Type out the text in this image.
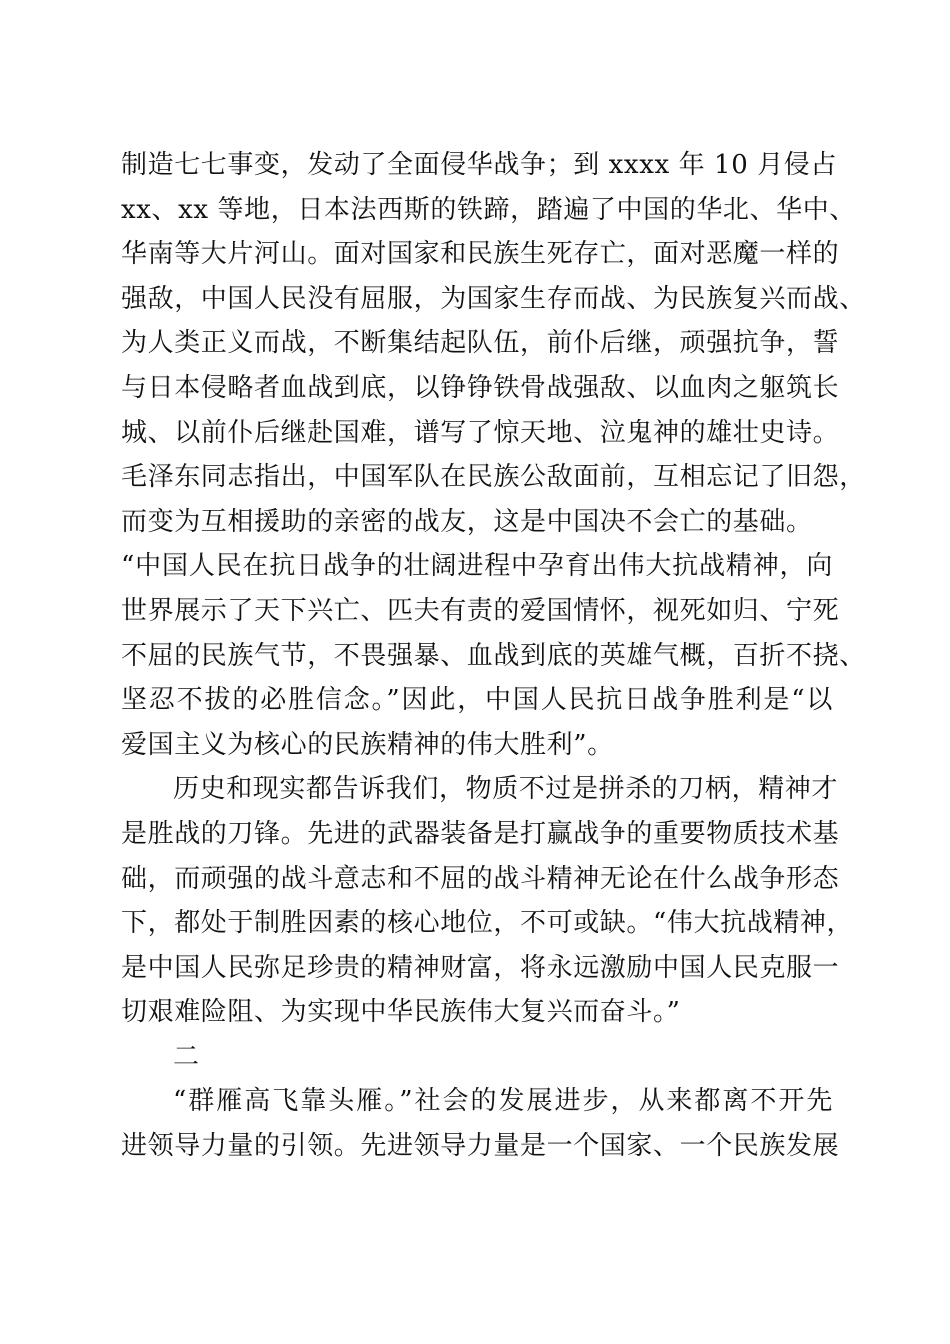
制造七七事变，发动了全面侵华战争；到 xxxx 年 10 月侵占
xx、xx 等地，日本法西斯的铁蹄，踏遍了中国的华北、华中、
华南等大片河山。面对国家和民族生死存亡，面对恶魔一样的
强敌，中国人民没有屈服，为国家生存而战、为民族复兴而战、
为人类正义而战，不断集结起队伍，前仆后继，顽强抗争，誓
与日本侵略者血战到底，以铮铮铁骨战强敌、以血肉之躯筑长
城、以前仆后继赴国难，谱写了惊天地、泣鬼神的雄壮史诗。
毛泽东同志指出，中国军队在民族公敌面前，互相忘记了旧怨，
而变为互相援助的亲密的战友，这是中国决不会亡的基础。
“中国人民在抗日战争的壮阔进程中孕育出伟大抗战精神，向
世界展示了天下兴亡、匹夫有责的爱国情怀，视死如归、宁死
不屈的民族气节，不畏强暴、血战到底的英雄气概，百折不挠、
坚忍不拔的必胜信念。”因此，中国人民抗日战争胜利是“以
爱国主义为核心的民族精神的伟大胜利”。
历史和现实都告诉我们，物质不过是拼杀的刀柄，精神才
是胜战的刀锋。先进的武器装备是打赢战争的重要物质技术基
础，而顽强的战斗意志和不屈的战斗精神无论在什么战争形态
下，都处于制胜因素的核心地位，不可或缺。“伟大抗战精神，
是中国人民弥足珍贵的精神财富，将永远激励中国人民克服一
切艰难险阻、为实现中华民族伟大复兴而奋斗。”
二
“群雁高飞靠头雁。”社会的发展进步，从来都离不开先
进领导力量的引领。先进领导力量是一个国家、一个民族发展
